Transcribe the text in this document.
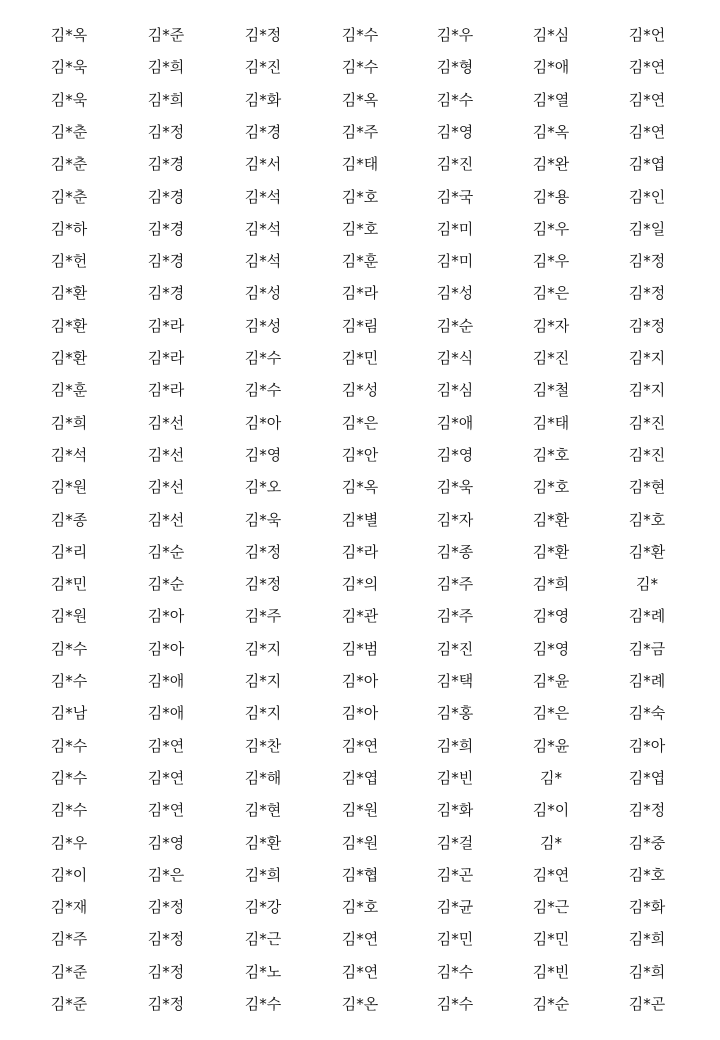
김*옥	김*준	김*정	김*수	김*우	김*심	김*언
김*욱	김*희	김*진	김*수	김*형	김*애	김*연
김*욱	김*희	김*화	김*옥	김*수	김*열	김*연
김*춘	김*정	김*경	김*주	김*영	김*옥	김*연
김*춘	김*경	김*서	김*태	김*진	김*완	김*엽
김*춘	김*경	김*석	김*호	김*국	김*용	김*인
김*하	김*경	김*석	김*호	김*미	김*우	김*일
김*헌	김*경	김*석	김*훈	김*미	김*우	김*정
김*환	김*경	김*성	김*라	김*성	김*은	김*정
김*환	김*라	김*성	김*림	김*순	김*자	김*정
김*환	김*라	김*수	김*민	김*식	김*진	김*지
김*훈	김*라	김*수	김*성	김*심	김*철	김*지
김*희	김*선	김*아	김*은	김*애	김*태	김*진
김*석	김*선	김*영	김*안	김*영	김*호	김*진
김*원	김*선	김*오	김*옥	김*욱	김*호	김*현
김*종	김*선	김*욱	김*별	김*자	김*환	김*호
김*리	김*순	김*정	김*라	김*종	김*환	김*환
김*민	김*순	김*정	김*의	김*주	김*희	김*
김*원	김*아	김*주	김*관	김*주	김*영	김*례
김*수	김*아	김*지	김*범	김*진	김*영	김*금
김*수	김*애	김*지	김*아	김*택	김*윤	김*례
김*남	김*애	김*지	김*아	김*홍	김*은	김*숙
김*수	김*연	김*찬	김*연	김*희	김*윤	김*아
김*수	김*연	김*해	김*엽	김*빈	김*	김*엽
김*수	김*연	김*현	김*원	김*화	김*이	김*정
김*우	김*영	김*환	김*원	김*걸	김*	김*중
김*이	김*은	김*희	김*협	김*곤	김*연	김*호
김*재	김*정	김*강	김*호	김*균	김*근	김*화
김*주	김*정	김*근	김*연	김*민	김*민	김*희
김*준	김*정	김*노	김*연	김*수	김*빈	김*희
김*준	김*정	김*수	김*온	김*수	김*순	김*곤
